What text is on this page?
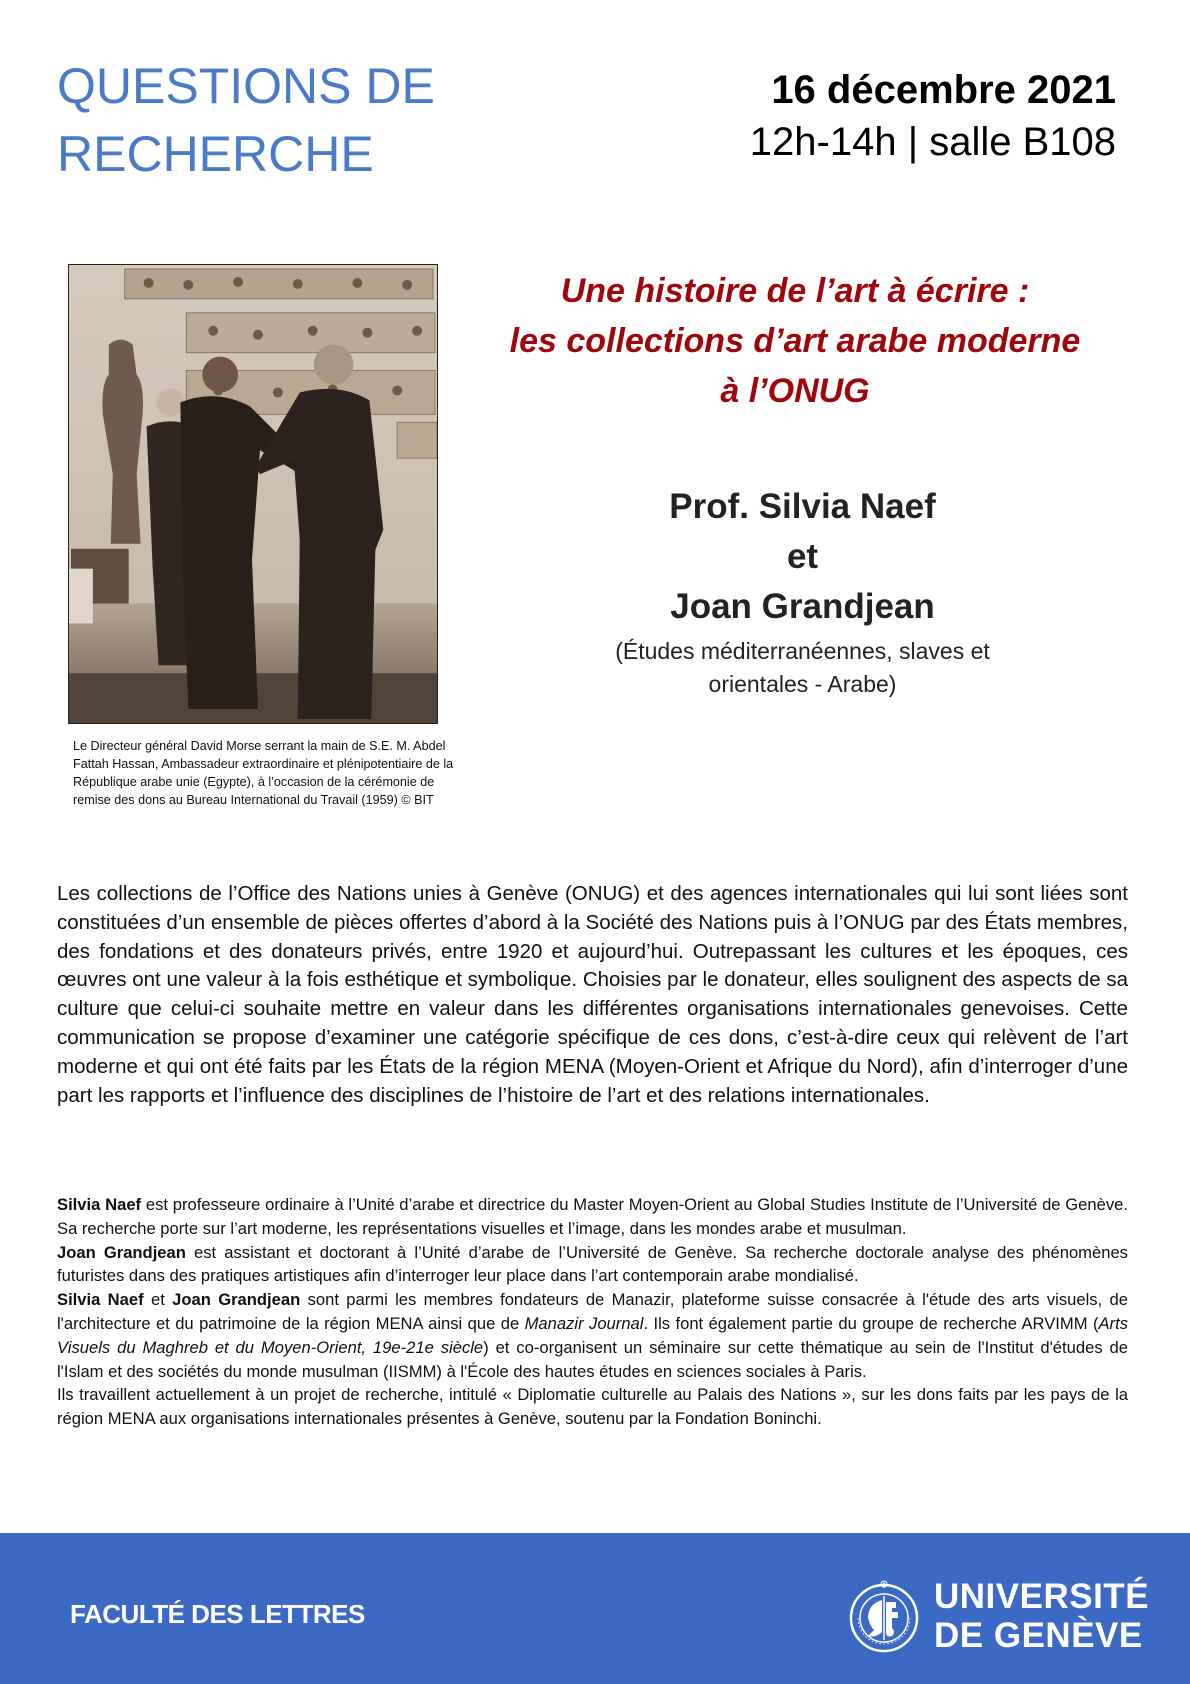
QUESTIONS DE
RECHERCHE
16 décembre 2021
12h-14h | salle B108
Le Directeur général David Morse serrant la main de S.E. M. Abdel Fattah Hassan, Ambassadeur extraordinaire et plénipotentiaire de la République arabe unie (Egypte), à l’occasion de la cérémonie de remise des dons au Bureau International du Travail (1959) © BIT
Une histoire de l’art à écrire :
les collections d’art arabe moderne
à l’ONUG
Prof. Silvia Naef
et
Joan Grandjean
(Études méditerranéennes, slaves et
orientales - Arabe)

Les collections de l’Office des Nations unies à Genève (ONUG) et des agences internationales qui lui sont liées sont constituées d’un ensemble de pièces offertes d’abord à la Société des Nations puis à l’ONUG par des États membres, des fondations et des donateurs privés, entre 1920 et aujourd’hui. Outrepassant les cultures et les époques, ces œuvres ont une valeur à la fois esthétique et symbolique. Choisies par le donateur, elles soulignent des aspects de sa culture que celui-ci souhaite mettre en valeur dans les différentes organisations internationales genevoises. Cette communication se propose d’examiner une catégorie spécifique de ces dons, c’est-à-dire ceux qui relèvent de l’art moderne et qui ont été faits par les États de la région MENA (Moyen-Orient et Afrique du Nord), afin d’interroger d’une part les rapports et l’influence des disciplines de l’histoire de l’art et des relations internationales.

Silvia Naef est professeure ordinaire à l’Unité d’arabe et directrice du Master Moyen-Orient au Global Studies Institute de l’Université de Genève. Sa recherche porte sur l’art moderne, les représentations visuelles et l’image, dans les mondes arabe et musulman.

Joan Grandjean est assistant et doctorant à l’Unité d’arabe de l’Université de Genève. Sa recherche doctorale analyse des phénomènes futuristes dans des pratiques artistiques afin d’interroger leur place dans l’art contemporain arabe mondialisé.

Silvia Naef et Joan Grandjean sont parmi les membres fondateurs de Manazir, plateforme suisse consacrée à l'étude des arts visuels, de l'architecture et du patrimoine de la région MENA ainsi que de Manazir Journal. Ils font également partie du groupe de recherche ARVIMM (Arts Visuels du Maghreb et du Moyen-Orient, 19e-21e siècle) et co-organisent un séminaire sur cette thématique au sein de l'Institut d'études de l'Islam et des sociétés du monde musulman (IISMM) à l'École des hautes études en sciences sociales à Paris.

Ils travaillent actuellement à un projet de recherche, intitulé « Diplomatie culturelle au Palais des Nations », sur les dons faits par les pays de la région MENA aux organisations internationales présentes à Genève, soutenu par la Fondation Boninchi.

FACULTÉ DES LETTRES	UNIVERSITÉ
DE GENÈVE
